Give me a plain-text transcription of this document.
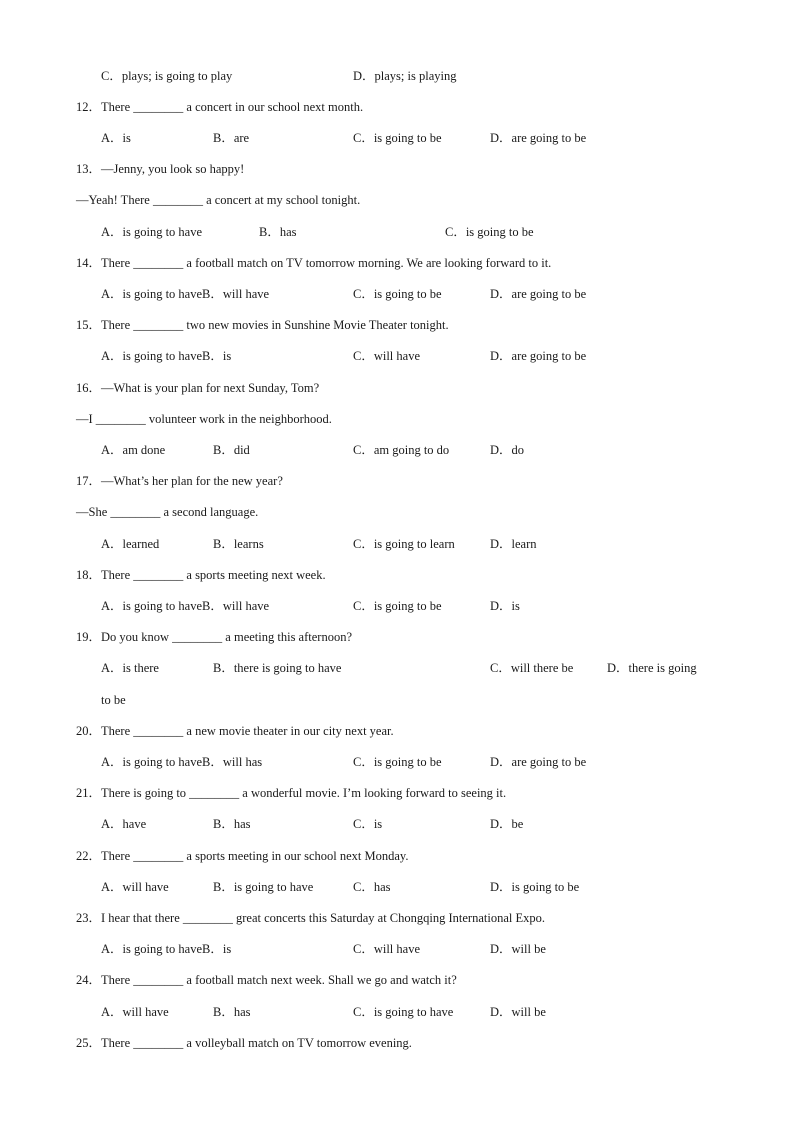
C．plays; is going to play	D．plays; is playing
12．There ________ a concert in our school next month.
A．is	B．are	C．is going to be	D．are going to be
13．—Jenny, you look so happy!
—Yeah! There ________ a concert at my school tonight.
A．is going to have	B．has	C．is going to be
14．There ________ a football match on TV tomorrow morning. We are looking forward to it.
A．is going to haveB．will have	C．is going to be	D．are going to be
15．There ________ two new movies in Sunshine Movie Theater tonight.
A．is going to haveB．is	C．will have	D．are going to be
16．—What is your plan for next Sunday, Tom?
—I ________ volunteer work in the neighborhood.
A．am done	B．did	C．am going to do	D．do
17．—What’s her plan for the new year?
—She ________ a second language.
A．learned	B．learns	C．is going to learn	D．learn
18．There ________ a sports meeting next week.
A．is going to haveB．will have	C．is going to be	D．is
19．Do you know ________ a meeting this afternoon?
A．is there	B．there is going to have	C．will there be	D．there is going
to be
20．There ________ a new movie theater in our city next year.
A．is going to haveB．will has	C．is going to be	D．are going to be
21．There is going to ________ a wonderful movie. I’m looking forward to seeing it.
A．have	B．has	C．is	D．be
22．There ________ a sports meeting in our school next Monday.
A．will have	B．is going to have	C．has	D．is going to be
23．I hear that there ________ great concerts this Saturday at Chongqing International Expo.
A．is going to haveB．is	C．will have	D．will be
24．There ________ a football match next week. Shall we go and watch it?
A．will have	B．has	C．is going to have	D．will be
25．There ________ a volleyball match on TV tomorrow evening.
